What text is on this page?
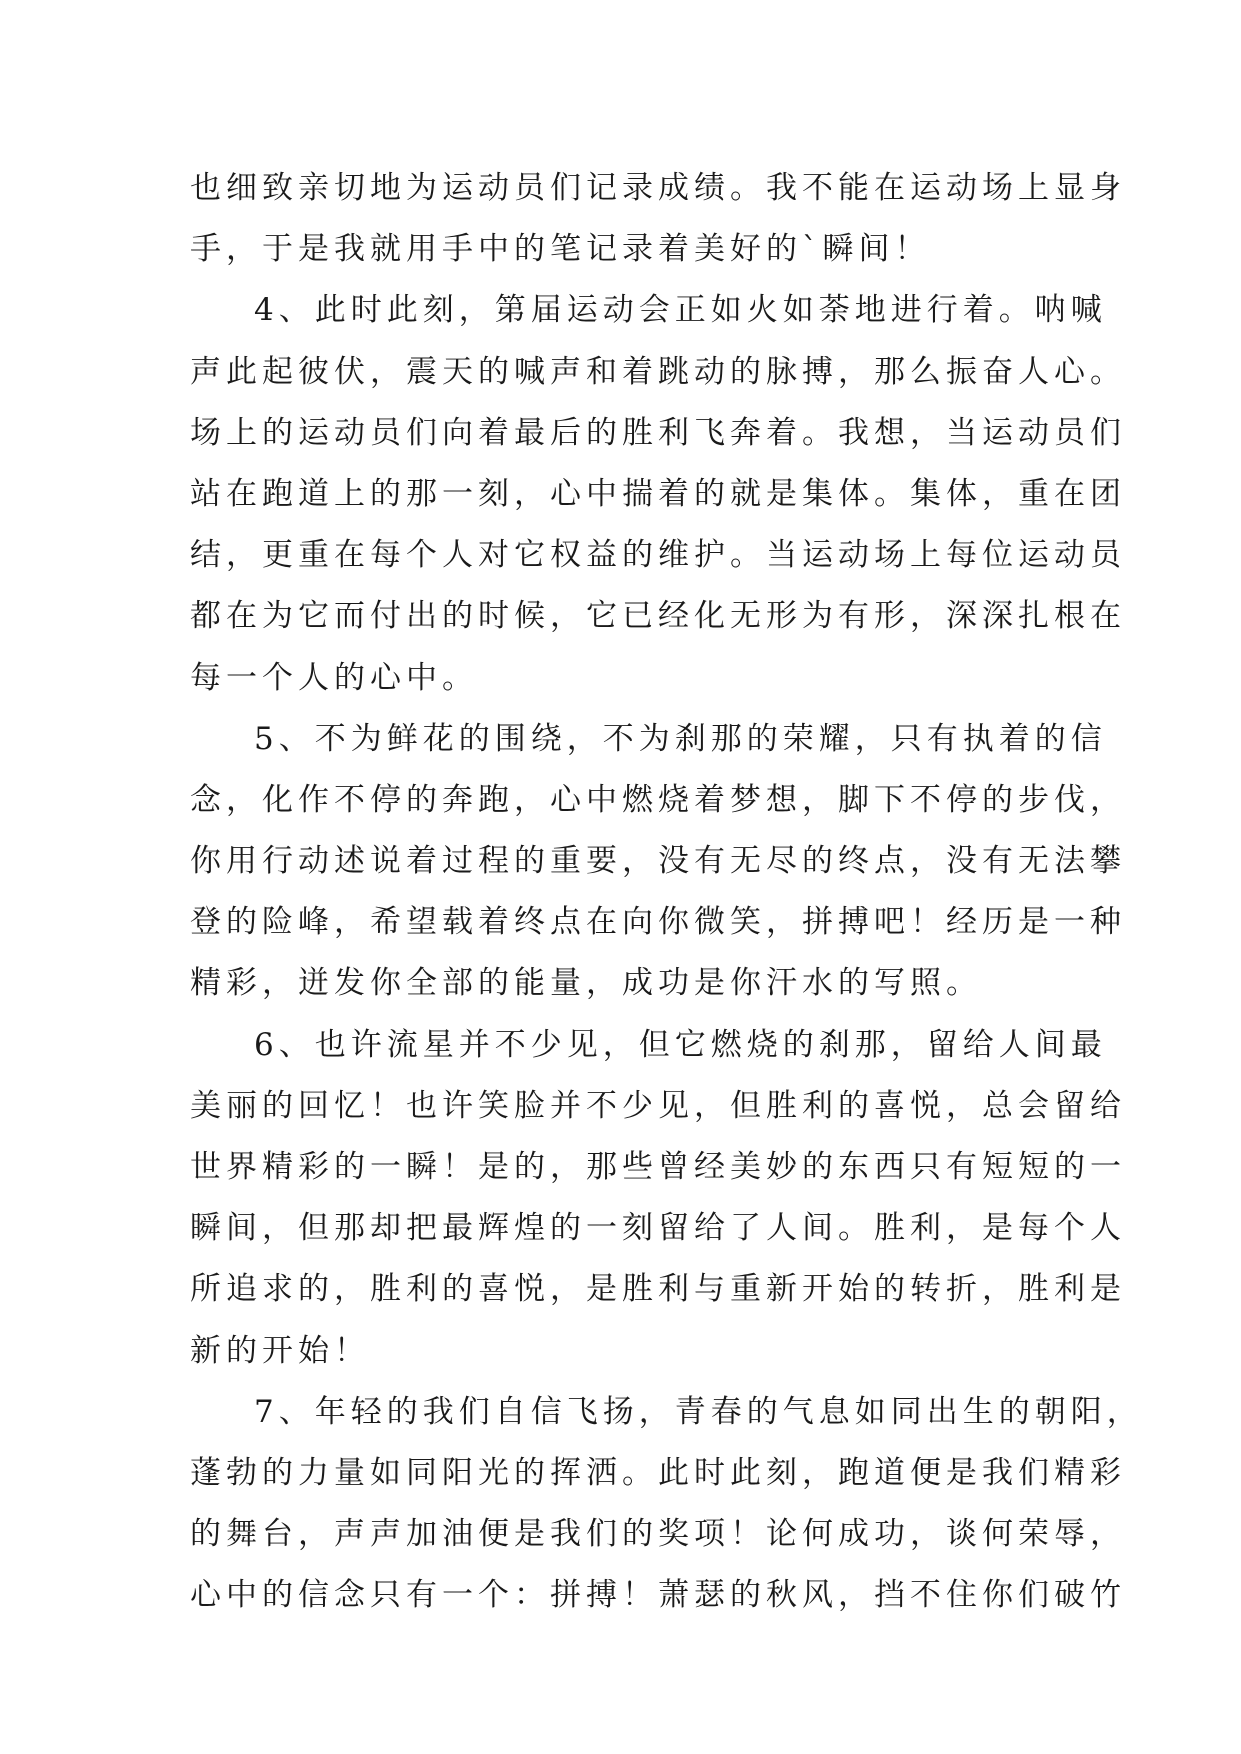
也细致亲切地为运动员们记录成绩。我不能在运动场上显身
手，于是我就用手中的笔记录着美好的`瞬间！
4、此时此刻，第届运动会正如火如荼地进行着。呐喊
声此起彼伏，震天的喊声和着跳动的脉搏，那么振奋人心。
场上的运动员们向着最后的胜利飞奔着。我想，当运动员们
站在跑道上的那一刻，心中揣着的就是集体。集体，重在团
结，更重在每个人对它权益的维护。当运动场上每位运动员
都在为它而付出的时候，它已经化无形为有形，深深扎根在
每一个人的心中。
5、不为鲜花的围绕，不为刹那的荣耀，只有执着的信
念，化作不停的奔跑，心中燃烧着梦想，脚下不停的步伐，
你用行动述说着过程的重要，没有无尽的终点，没有无法攀
登的险峰，希望载着终点在向你微笑，拼搏吧！经历是一种
精彩，迸发你全部的能量，成功是你汗水的写照。
6、也许流星并不少见，但它燃烧的刹那，留给人间最
美丽的回忆！也许笑脸并不少见，但胜利的喜悦，总会留给
世界精彩的一瞬！是的，那些曾经美妙的东西只有短短的一
瞬间，但那却把最辉煌的一刻留给了人间。胜利，是每个人
所追求的，胜利的喜悦，是胜利与重新开始的转折，胜利是
新的开始！
7、年轻的我们自信飞扬，青春的气息如同出生的朝阳，
蓬勃的力量如同阳光的挥洒。此时此刻，跑道便是我们精彩
的舞台，声声加油便是我们的奖项！论何成功，谈何荣辱，
心中的信念只有一个：拼搏！萧瑟的秋风，挡不住你们破竹
